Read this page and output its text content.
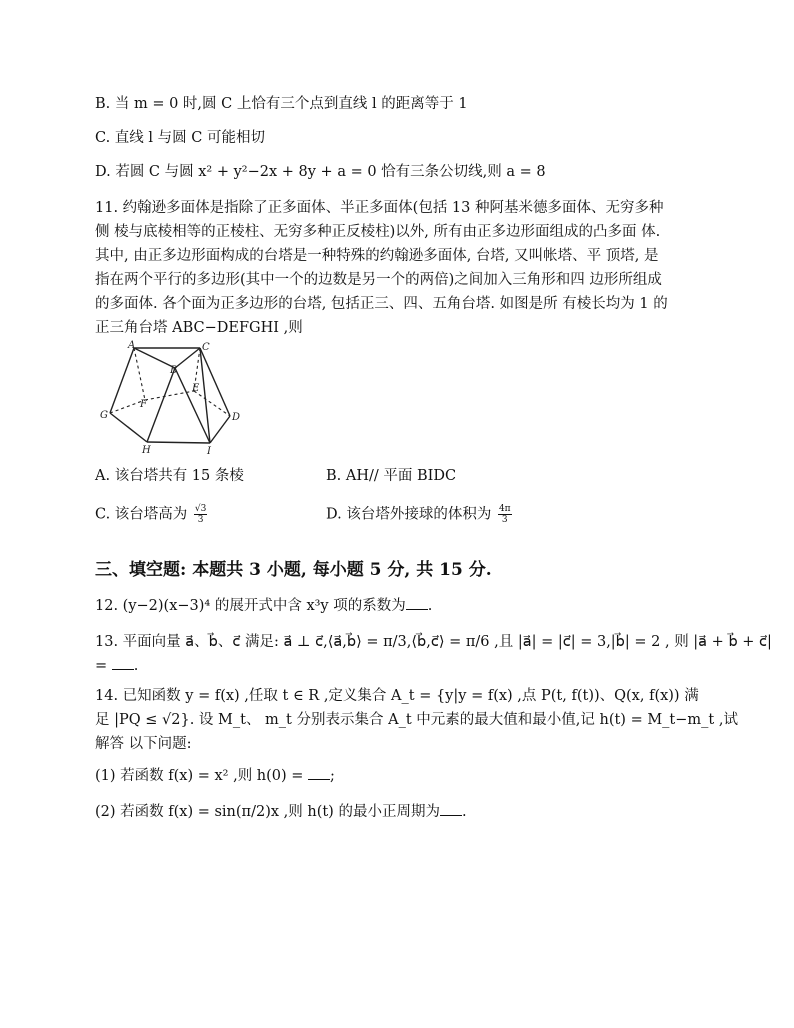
B. 当 m = 0 时,圆 C 上恰有三个点到直线 l 的距离等于 1
C. 直线 l 与圆 C 可能相切
D. 若圆 C 与圆 x² + y²−2x + 8y + a = 0 恰有三条公切线,则 a = 8
11. 约翰逊多面体是指除了正多面体、半正多面体(包括 13 种阿基米德多面体、无穷多种
侧 棱与底棱相等的正棱柱、无穷多种正反棱柱)以外, 所有由正多边形面组成的凸多面 体.
其中, 由正多边形面构成的台塔是一种特殊的约翰逊多面体, 台塔, 又叫帐塔、平 顶塔, 是
指在两个平行的多边形(其中一个的边数是另一个的两倍)之间加入三角形和四 边形所组成
的多面体. 各个面为正多边形的台塔, 包括正三、四、五角台塔. 如图是所 有棱长均为 1 的
正三角台塔 ABC−DEFGHI ,则
A	C
B
E
F
G	D
H	I
A. 该台塔共有 15 条棱	B. AH// 平面 BIDC
C. 该台塔高为 $\frac{√3}{3}$	D. 该台塔外接球的体积为 $\frac{4\pi}{3}$
三、填空题: 本题共 3 小题, 每小题 5 分, 共 15 分.
12. (y−2)(x−3)⁴ 的展开式中含 x³y 项的系数为 .
13. 平面向量 a⃗、b⃗、c⃗ 满足: a⃗ ⊥ c⃗,⟨a⃗,b⃗⟩ = π/3,⟨b⃗,c⃗⟩ = π/6 ,且 |a⃗| = |c⃗| = 3,|b⃗| = 2 , 则 |a⃗ + b⃗ + c⃗|
= .
14. 已知函数 y = f(x) ,任取 t ∈ R ,定义集合 A_t = {y|y = f(x) ,点 P(t, f(t))、Q(x, f(x)) 满
足 |PQ ≤ √2}. 设 M_t、 m_t 分别表示集合 A_t 中元素的最大值和最小值,记 h(t) = M_t−m_t ,试
解答 以下问题:
(1) 若函数 f(x) = x² ,则 h(0) = ;
(2) 若函数 f(x) = sin(π/2)x ,则 h(t) 的最小正周期为 .
